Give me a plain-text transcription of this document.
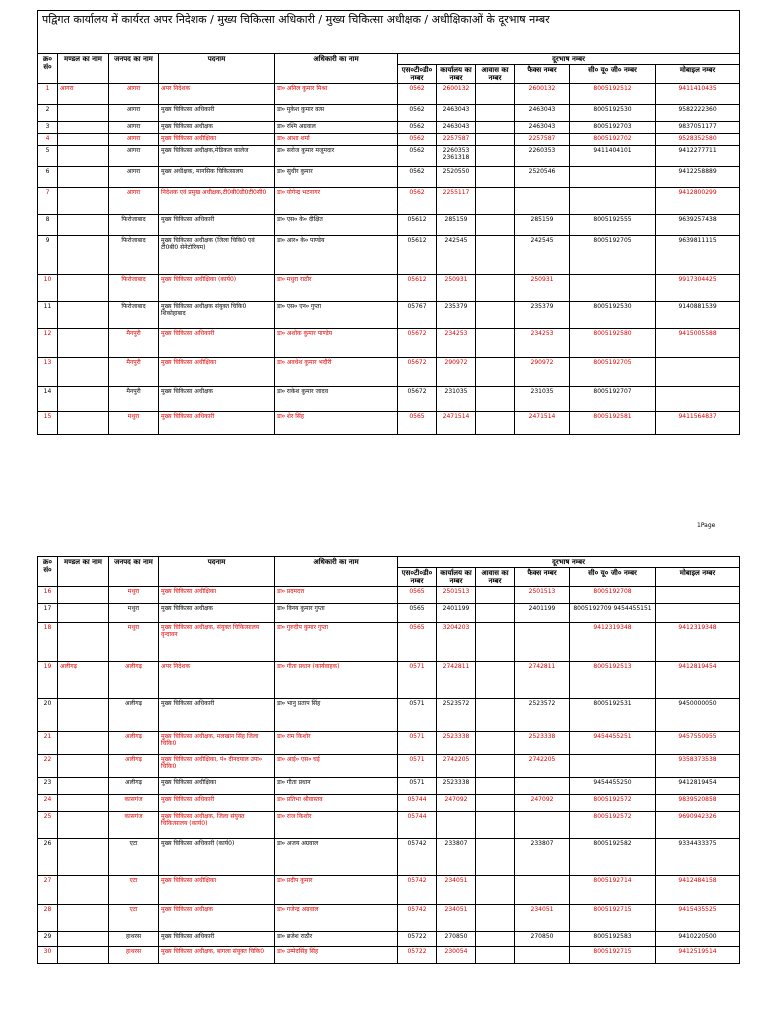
पद्विगत कार्यालय में कार्यरत अपर निदेशक / मुख्य चिकित्सा अधिकारी / मुख्य चिकित्सा अधीक्षक / अधीक्षिकाओं के दूरभाष नम्बर										
क्र० सं०	मण्डल का नाम	जनपद का नाम	पदनाम	अधिकारी का नाम	दूरभाष नम्बर					
					एस०टी०डी०नम्बर	कार्यालय का नम्बर	आवास का नम्बर	फैक्स नम्बर	सी० यू० जी० नम्बर	मोबाइल नम्बर
1	आगरा	आगरा	अपर निदेशक	डा० अनिल कुमार मिश्रा	0562	2600132		2600132	8005192512	9411410435
2		आगरा	मुख्य चिकित्सा अधिकारी	डा० मुकेश कुमार वत्स	0562	2463043		2463043	8005192530	9582222360
3		आगरा	मुख्य चिकित्सा अधीक्षक	डा० रश्मि अग्रवाल	0562	2463043		2463043	8005192703	9837051177
4		आगरा	मुख्य चिकित्सा अधीक्षिका	डा० आशा शर्मा	0562	2257587		2257587	8005192702	9528352580
5		आगरा	मुख्य चिकित्सा अधीक्षक,मेडिकल कालेज	डा० सरोज कुमार मजूमदार	0562	2260353 2361318		2260353	9411404101	9412277711
6		आगरा	मुख्य अधीक्षक, मानसिक चिकित्सालय	डा० सुधीर कुमार	0562	2520550		2520546		9412258889
7		आगरा	निदेशक एवं प्रमुख अधीक्षक,टी0बी0डी0टी0सी0	डा० योगेन्द्र भटनागर	0562	2255117				9412800299
8		फिरोजाबाद	मुख्य चिकित्सा अधिकारी	डा० एस० के० दीक्षित	05612	285159		285159	8005192555	9639257438
9		फिरोजाबाद	मुख्य चिकित्सा अधीक्षक (जिला चिकि0 एवं टी0बी0 सेनेटोरियम)	डा० आर० के० पाण्डेय	05612	242545		242545	8005192705	9639811115
10		फिरोजाबाद	मुख्य चिकित्सा अधीक्षिका (कार्य0)	डा० मधुरा राठौर	05612	250931		250931		9917304425
11		फिरोजाबाद	मुख्य चिकित्सा अधीक्षक संयुक्त चिकि0 शिकोहाबाद	डा० एस० एन० गुप्ता	05767	235379		235379	8005192530	9140881539
12		मैनपुरी	मुख्य चिकित्सा अधिकारी	डा० अशोक कुमार पाण्डेय	05672	234253		234253	8005192580	9415005588
13		मैनपुरी	मुख्य चिकित्सा अधीक्षिका	डा० अवधेश कुमार भदौरी	05672	290972		290972	8005192705	
14		मैनपुरी	मुख्य चिकित्सा अधीक्षक	डा० राकेश कुमार जादव	05672	231035		231035	8005192707	
15		मथुरा	मुख्य चिकित्सा अधिकारी	डा० शेर सिंह	0565	2471514		2471514	8005192581	9411564837
1Page
क्र० सं०	मण्डल का नाम	जनपद का नाम	पदनाम	अधिकारी का नाम	दूरभाष नम्बर					
					एस०टी०डी०नम्बर	कार्यालय का नम्बर	आवास का नम्बर	फैक्स नम्बर	सी० यू० जी० नम्बर	मोबाइल नम्बर
16		मथुरा	मुख्य चिकित्सा अधीक्षिका	डा० प्रदमदत्त	0565	2501513		2501513	8005192708	
17		मथुरा	मुख्य चिकित्सा अधीक्षक	डा० विनय कुमार गुप्ता	0565	2401199		2401199	8005192709 9454455151	
18		मथुरा	मुख्य चिकित्सा अधीक्षक, संयुक्त चिकित्सालय वृन्दावन	डा० गुरुदीप कुमार गुप्ता	0565	3204203			9412319348	9412319348
19	अलीगढ़	अलीगढ़	अपर निदेशक	डा० गीता प्रधान (कार्यवाहक)	0571	2742811		2742811	8005192513	9412819454
20		अलीगढ़	मुख्य चिकित्सा अधिकारी	डा० भानु प्रताप सिंह	0571	2523572		2523572	8005192531	9450000050
21		अलीगढ़	मुख्य चिकित्सा अधीक्षक, मलखान सिंह जिला चिकि0	डा० राम किशोर	0571	2523338		2523338	9454455251	9457550955
22		अलीगढ़	मुख्य चिकित्सा अधीक्षिका, पं० दीनदयाल उपा० चिकि0	डा० आई० एस० घई	0571	2742205		2742205		9358373538
23		अलीगढ़	मुख्य चिकित्सा अधीक्षिका	डा० गीता प्रधान	0571	2523338			9454455250	9412819454
24		कासगंज	मुख्य चिकित्सा अधिकारी	डा० प्रतिभा श्रीवास्तव	05744	247092		247092	8005192572	9839520858
25		कासगंज	मुख्य चिकित्सा अधीक्षक, जिला संयुक्त चिकित्सालय (कार्य0)	डा० राज किशोर	05744				8005192572	9690942326
26		एटा	मुख्य चिकित्सा अधिकारी (कार्य0)	डा० अजय अग्रवाल	05742	233807		233807	8005192582	9334433375
27		एटा	मुख्य चिकित्सा अधीक्षिका	डा० प्रदीप कुमार	05742	234051			8005192714	9412484158
28		एटा	मुख्य चिकित्सा अधीक्षक	डा० गजेन्द्र अग्रवाल	05742	234051		234051	8005192715	9415435525
29		हाथरस	मुख्य चिकित्सा अधिकारी	डा० ब्रजेश राठौर	05722	270850		270850	8005192583	9410220500
30		हाथरस	मुख्य चिकित्सा अधीक्षक, बागला संयुक्त चिकि0	डा० उम्मेदसिंह सिंह	05722	230054			8005192715	9412519514
